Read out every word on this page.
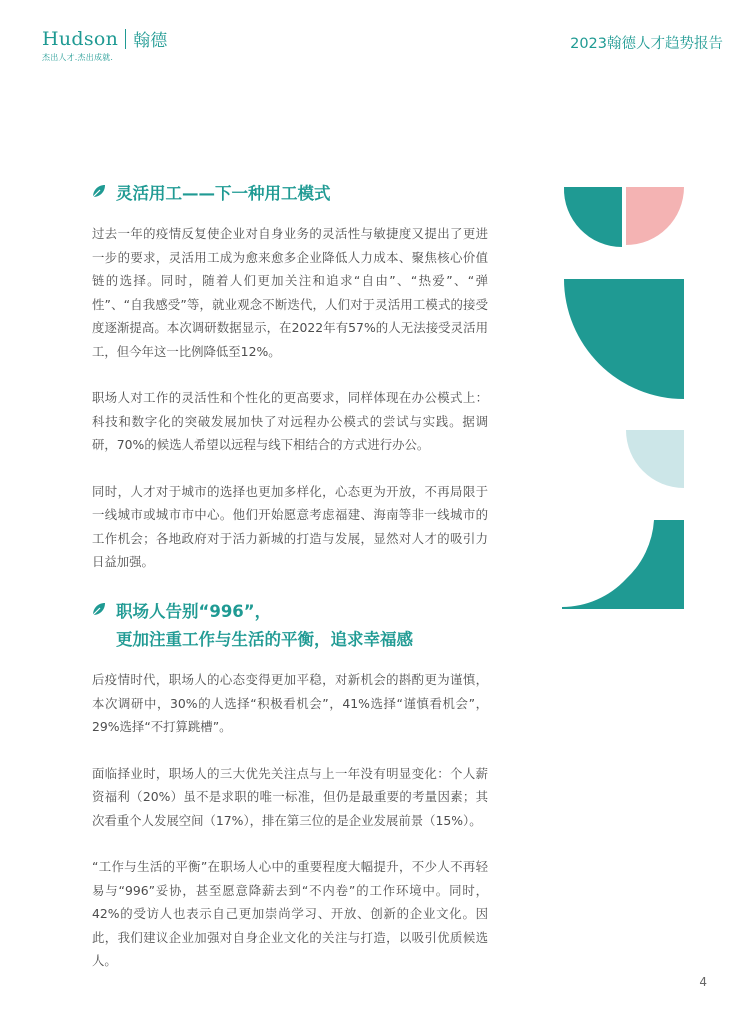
Hudson 翰德
杰出人才.杰出成就.
2023翰德人才趋势报告
灵活用工——下一种用工模式

过去一年的疫情反复使企业对自身业务的灵活性与敏捷度又提出了更进一步的要求，灵活用工成为愈来愈多企业降低人力成本、聚焦核心价值链的选择。同时，随着人们更加关注和追求“自由”、“热爱”、“弹性”、“自我感受”等，就业观念不断迭代，人们对于灵活用工模式的接受度逐渐提高。本次调研数据显示，在2022年有57%的人无法接受灵活用工，但今年这一比例降低至12%。

职场人对工作的灵活性和个性化的更高要求，同样体现在办公模式上：科技和数字化的突破发展加快了对远程办公模式的尝试与实践。据调研，70%的候选人希望以远程与线下相结合的方式进行办公。

同时，人才对于城市的选择也更加多样化，心态更为开放，不再局限于一线城市或城市市中心。他们开始愿意考虑福建、海南等非一线城市的工作机会；各地政府对于活力新城的打造与发展，显然对人才的吸引力日益加强。

职场人告别“996”，
更加注重工作与生活的平衡，追求幸福感

后疫情时代，职场人的心态变得更加平稳，对新机会的斟酌更为谨慎，本次调研中，30%的人选择“积极看机会”，41%选择“谨慎看机会”，29%选择“不打算跳槽”。

面临择业时，职场人的三大优先关注点与上一年没有明显变化：个人薪资福利（20%）虽不是求职的唯一标准，但仍是最重要的考量因素；其次看重个人发展空间（17%），排在第三位的是企业发展前景（15%）。

“工作与生活的平衡”在职场人心中的重要程度大幅提升，不少人不再轻易与“996”妥协，甚至愿意降薪去到“不内卷”的工作环境中。同时，42%的受访人也表示自己更加崇尚学习、开放、创新的企业文化。因此，我们建议企业加强对自身企业文化的关注与打造，以吸引优质候选人。

4
